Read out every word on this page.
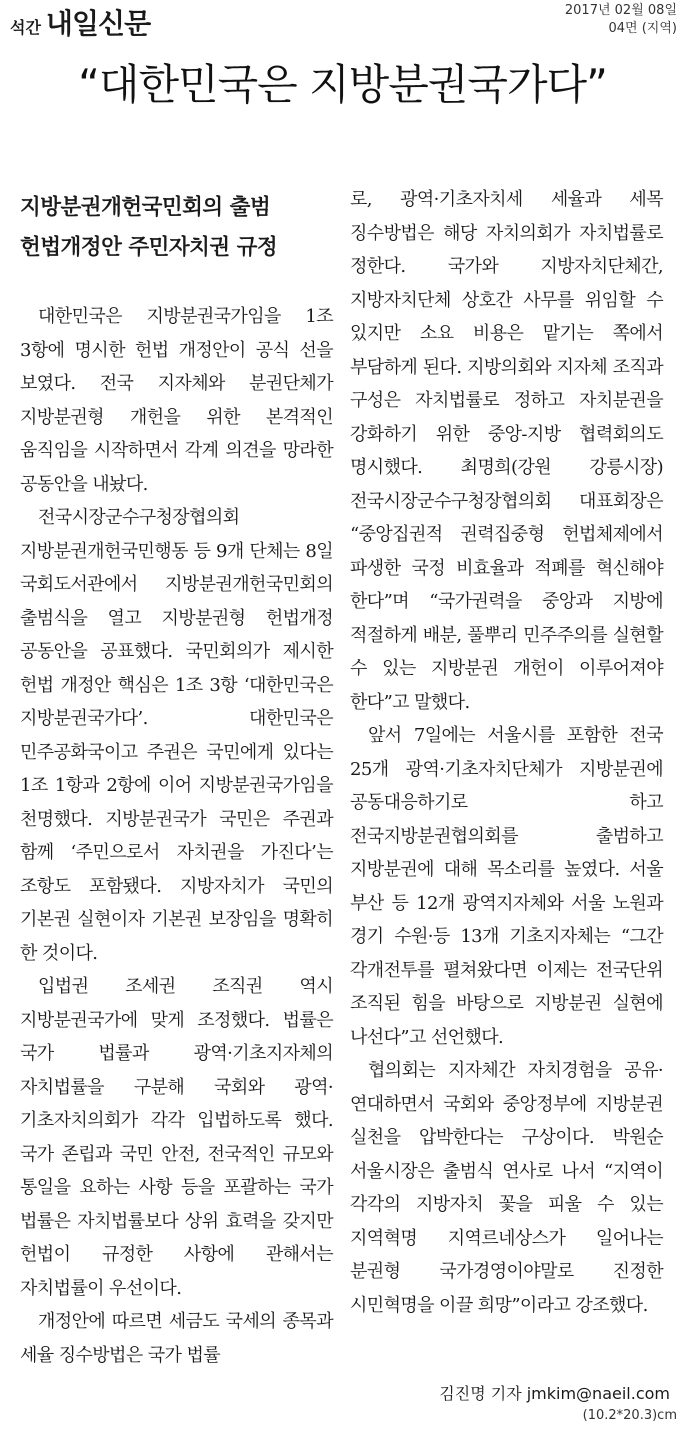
석간 내일신문	2017년 02월 08일
04면 (지역)
“대한민국은 지방분권국가다”

지방분권개헌국민회의 출범

헌법개정안 주민자치권 규정

대한민국은 지방분권국가임을 1조 3항에 명시한 헌법 개정안이 공식 선을 보였다. 전국 지자체와 분권단체가 지방분권형 개헌을 위한 본격적인 움직임을 시작하면서 각계 의견을 망라한 공동안을 내놨다.

전국시장군수구청장협의회 지방분권개헌국민행동 등 9개 단체는 8일 국회도서관에서 지방분권개헌국민회의 출범식을 열고 지방분권형 헌법개정 공동안을 공표했다. 국민회의가 제시한 헌법 개정안 핵심은 1조 3항 ‘대한민국은 지방분권국가다’. 대한민국은 민주공화국이고 주권은 국민에게 있다는 1조 1항과 2항에 이어 지방분권국가임을 천명했다. 지방분권국가 국민은 주권과 함께 ‘주민으로서 자치권을 가진다’는 조항도 포함됐다. 지방자치가 국민의 기본권 실현이자 기본권 보장임을 명확히 한 것이다.

입법권 조세권 조직권 역시 지방분권국가에 맞게 조정했다. 법률은 국가 법률과 광역·기초지자체의 자치법률을 구분해 국회와 광역·기초자치의회가 각각 입법하도록 했다. 국가 존립과 국민 안전, 전국적인 규모와 통일을 요하는 사항 등을 포괄하는 국가 법률은 자치법률보다 상위 효력을 갖지만 헌법이 규정한 사항에 관해서는 자치법률이 우선이다.

개정안에 따르면 세금도 국세의 종목과 세율 징수방법은 국가 법률

로, 광역·기초자치세 세율과 세목 징수방법은 해당 자치의회가 자치법률로 정한다. 국가와 지방자치단체간, 지방자치단체 상호간 사무를 위임할 수 있지만 소요 비용은 맡기는 쪽에서 부담하게 된다. 지방의회와 지자체 조직과 구성은 자치법률로 정하고 자치분권을 강화하기 위한 중앙-지방 협력회의도 명시했다. 최명희(강원 강릉시장) 전국시장군수구청장협의회 대표회장은 “중앙집권적 권력집중형 헌법체제에서 파생한 국정 비효율과 적폐를 혁신해야 한다”며 “국가권력을 중앙과 지방에 적절하게 배분, 풀뿌리 민주주의를 실현할 수 있는 지방분권 개헌이 이루어져야 한다”고 말했다.

앞서 7일에는 서울시를 포함한 전국 25개 광역·기초자치단체가 지방분권에 공동대응하기로 하고 전국지방분권협의회를 출범하고 지방분권에 대해 목소리를 높였다. 서울 부산 등 12개 광역지자체와 서울 노원과 경기 수원·등 13개 기초지자체는 “그간 각개전투를 펼쳐왔다면 이제는 전국단위 조직된 힘을 바탕으로 지방분권 실현에 나선다”고 선언했다.

협의회는 지자체간 자치경험을 공유·연대하면서 국회와 중앙정부에 지방분권 실천을 압박한다는 구상이다. 박원순 서울시장은 출범식 연사로 나서 “지역이 각각의 지방자치 꽃을 피울 수 있는 지역혁명 지역르네상스가 일어나는 분권형 국가경영이야말로 진정한 시민혁명을 이끌 희망”이라고 강조했다.

김진명 기자 jmkim@naeil.com
(10.2*20.3)cm
